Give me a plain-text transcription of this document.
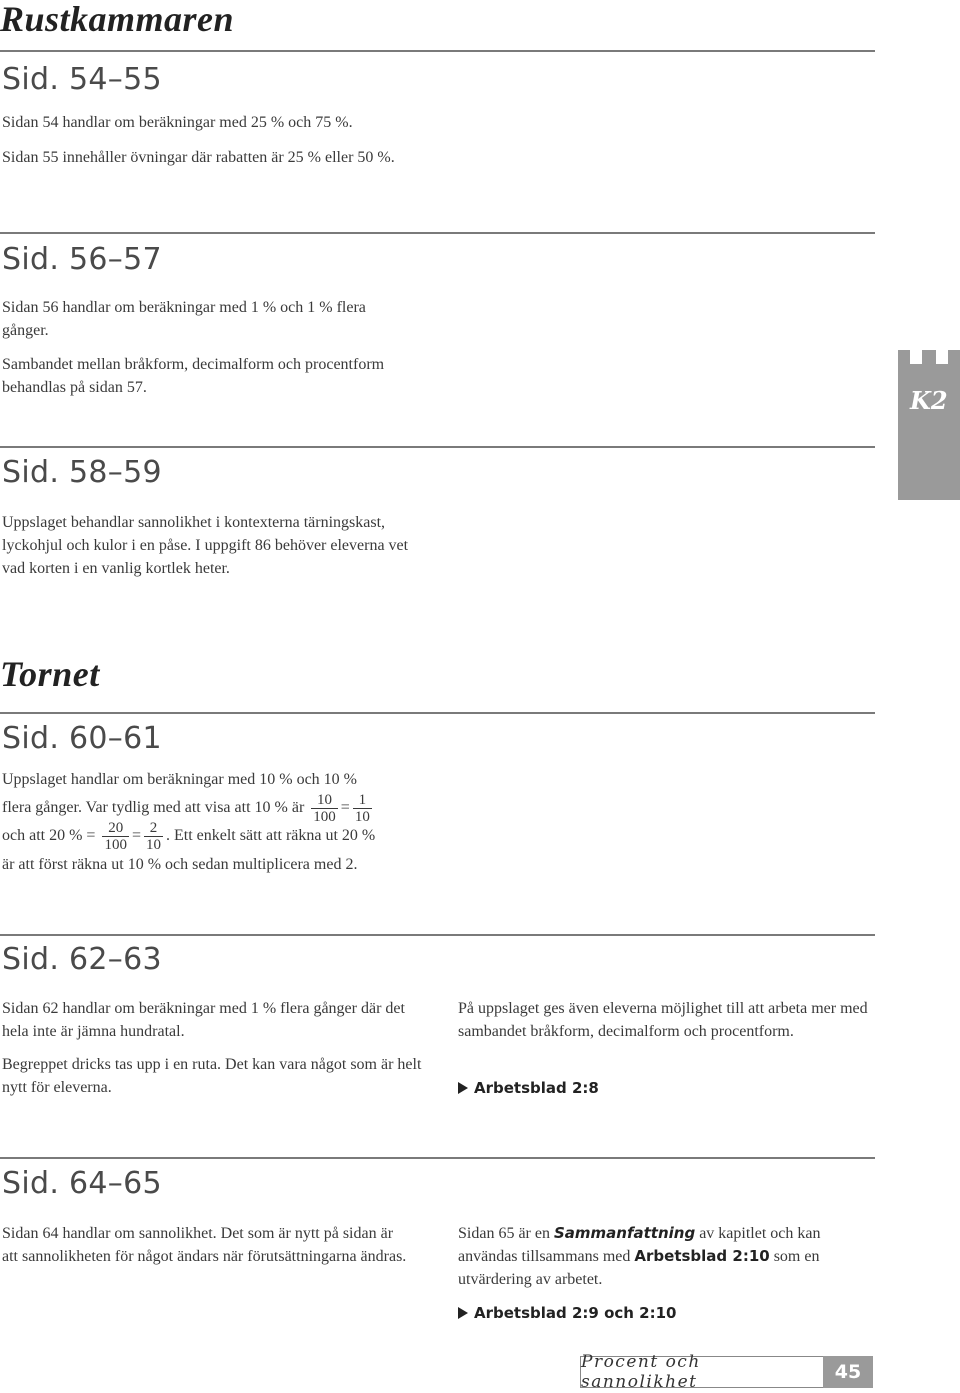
Rustkammaren
Sid. 54–55

Sidan 54 handlar om beräkningar med 25 % och 75 %.

Sidan 55 innehåller övningar där rabatten är 25 % eller 50 %.

Sid. 56–57

Sidan 56 handlar om beräkningar med 1 % och 1 % flera gånger.

Sambandet mellan bråkform, decimalform och procentform behandlas på sidan 57.

Sid. 58–59

Uppslaget behandlar sannolikhet i kontexterna tärningskast, lyckohjul och kulor i en påse. I uppgift 86 behöver eleverna vet vad korten i en vanlig kortlek heter.

K2
Tornet
Sid. 60–61

Uppslaget handlar om beräkningar med 10 % och 10 %

flera gånger. Var tydlig med att visa att 10 % är $\frac{10}{100} = \frac{1}{10}$
och att 20 % = $\frac{20}{100} = \frac{2}{10}$ . Ett enkelt sätt att räkna ut 20 %

är att först räkna ut 10 % och sedan multiplicera med 2.

Sid. 62–63

Sidan 62 handlar om beräkningar med 1 % flera gånger där det hela inte är jämna hundratal.

Begreppet dricks tas upp i en ruta. Det kan vara något som är helt nytt för eleverna.

På uppslaget ges även eleverna möjlighet till att arbeta mer med sambandet bråkform, decimalform och procentform.

Arbetsblad 2:8
Sid. 64–65

Sidan 64 handlar om sannolikhet. Det som är nytt på sidan är att sannolikheten för något ändars när förutsättningarna ändras.

Sidan 65 är en Sammanfattning av kapitlet och kan användas tillsammans med Arbetsblad 2:10 som en utvärdering av arbetet.

Arbetsblad 2:9 och 2:10
Procent och sannolikhet	45
